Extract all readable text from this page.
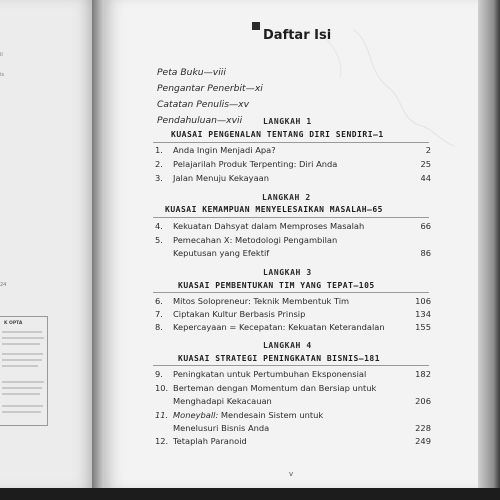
il
is
24
K OPTA
Daftar Isi
Peta Buku—viii
Pengantar Penerbit—xi
Catatan Penulis—xv
Pendahuluan—xvii	LANGKAH 1
KUASAI PENGENALAN TENTANG DIRI SENDIRI—1
1. Anda Ingin Menjadi Apa?	2
2. Pelajarilah Produk Terpenting: Diri Anda	25
3. Jalan Menuju Kekayaan	44
LANGKAH 2
KUASAI KEMAMPUAN MENYELESAIKAN MASALAH—65
4. Kekuatan Dahsyat dalam Memproses Masalah	66
5. Pemecahan X: Metodologi Pengambilan
Keputusan yang Efektif	86
LANGKAH 3
KUASAI PEMBENTUKAN TIM YANG TEPAT—105
6. Mitos Solopreneur: Teknik Membentuk Tim	106
7. Ciptakan Kultur Berbasis Prinsip	134
8. Kepercayaan = Kecepatan: Kekuatan Keterandalan	155
LANGKAH 4
KUASAI STRATEGI PENINGKATAN BISNIS—181
9. Peningkatan untuk Pertumbuhan Eksponensial	182
10. Berteman dengan Momentum dan Bersiap untuk
Menghadapi Kekacauan	206
11. Moneyball: Mendesain Sistem untuk
Menelusuri Bisnis Anda	228
12. Tetaplah Paranoid	249
v
